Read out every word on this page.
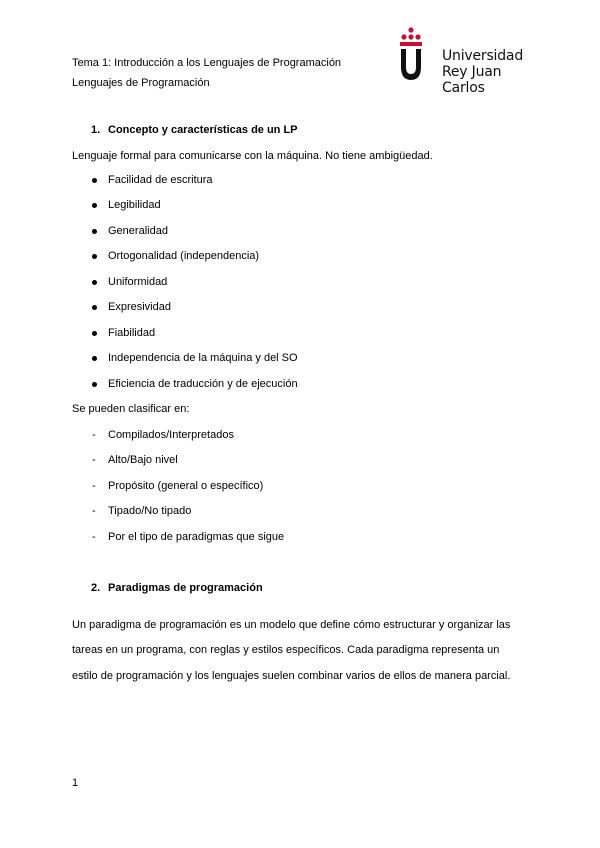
Tema 1: Introducción a los Lenguajes de Programación
Lenguajes de Programación
Universidad
Rey Juan Carlos
1. Concepto y características de un LP
Lenguaje formal para comunicarse con la máquina. No tiene ambigüedad.
Facilidad de escritura
Legibilidad
Generalidad
Ortogonalidad (independencia)
Uniformidad
Expresividad
Fiabilidad
Independencia de la máquina y del SO
Eficiencia de traducción y de ejecución
Se pueden clasificar en:
- Compilados/Interpretados
- Alto/Bajo nivel
- Propósito (general o específico)
- Tipado/No tipado
- Por el tipo de paradigmas que sigue
2. Paradigmas de programación
Un paradigma de programación es un modelo que define cómo estructurar y organizar las
tareas en un programa, con reglas y estilos específicos. Cada paradigma representa un
estilo de programación y los lenguajes suelen combinar varios de ellos de manera parcial.
1
